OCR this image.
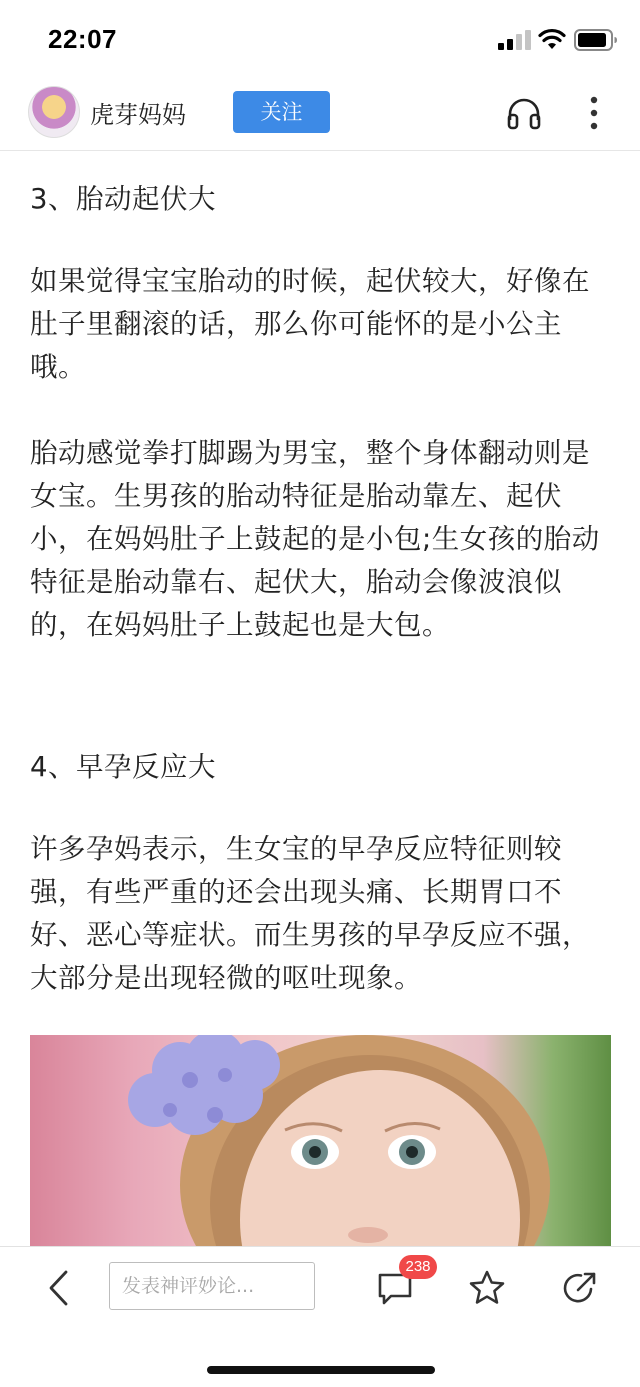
22:07
虎芽妈妈	关注

3、胎动起伏大

如果觉得宝宝胎动的时候，起伏较大，好像在肚子里翻滚的话，那么你可能怀的是小公主哦。

胎动感觉拳打脚踢为男宝，整个身体翻动则是女宝。生男孩的胎动特征是胎动靠左、起伏小，在妈妈肚子上鼓起的是小包;生女孩的胎动特征是胎动靠右、起伏大，胎动会像波浪似的，在妈妈肚子上鼓起也是大包。

4、早孕反应大

许多孕妈表示，生女宝的早孕反应特征则较强，有些严重的还会出现头痛、长期胃口不好、恶心等症状。而生男孩的早孕反应不强，大部分是出现轻微的呕吐现象。

发表神评妙论...
238
